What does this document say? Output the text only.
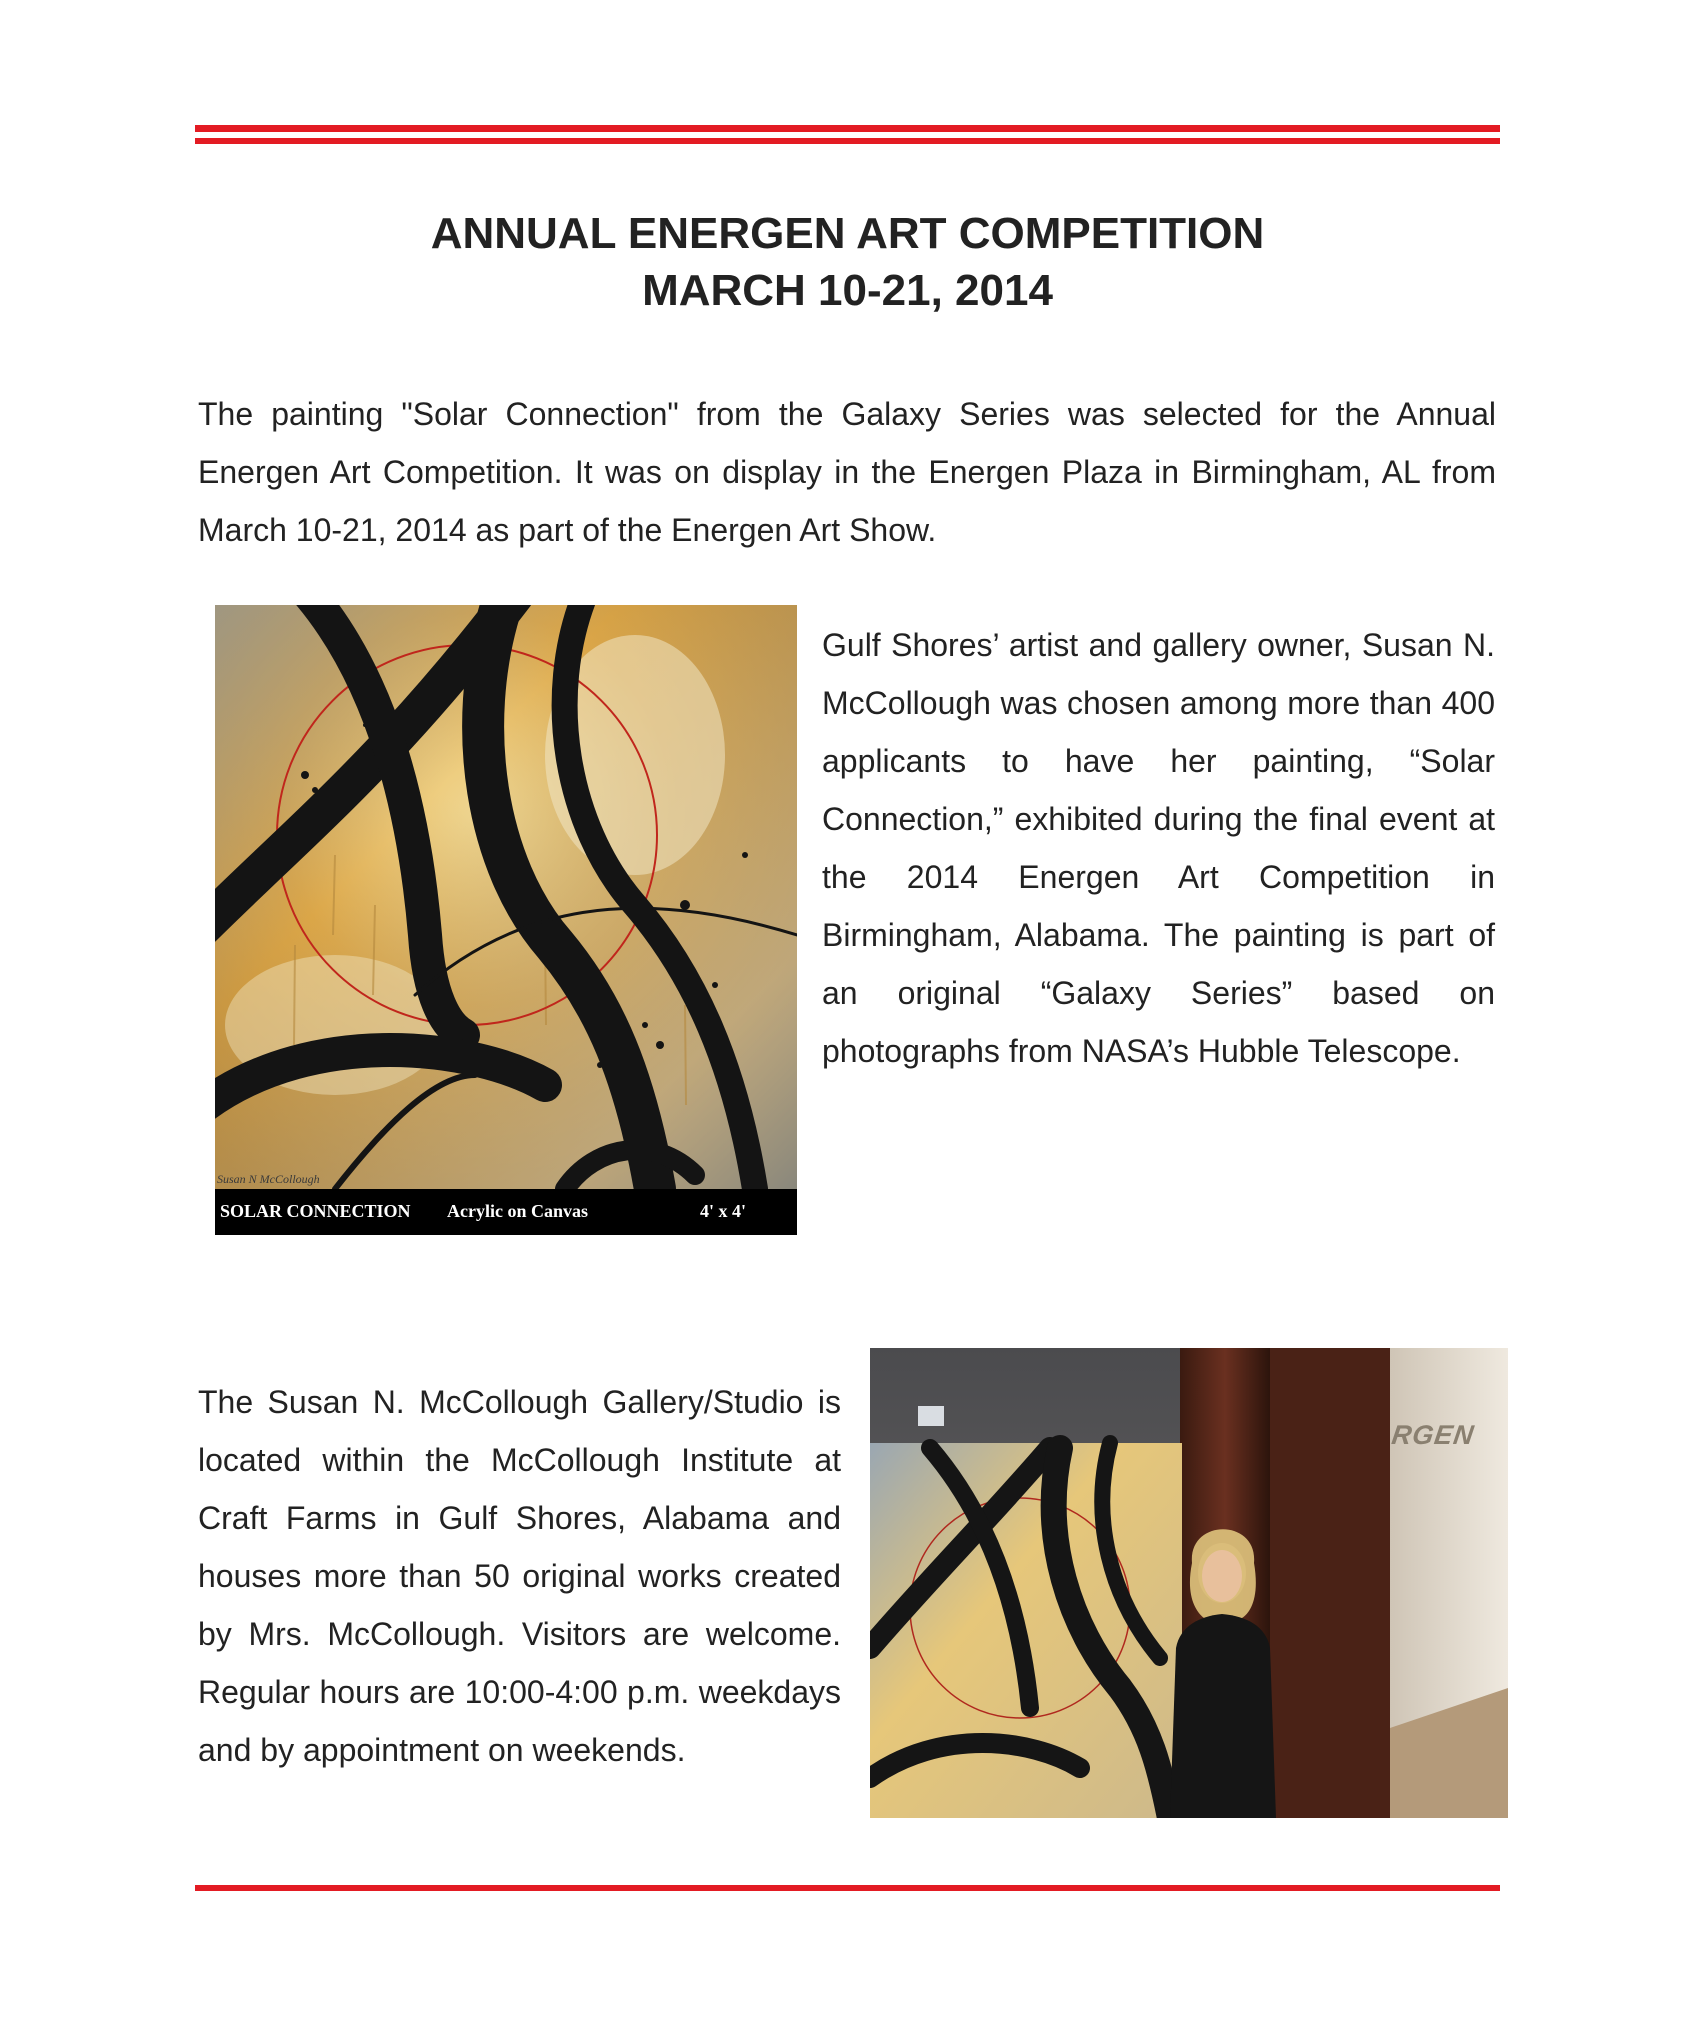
ANNUAL ENERGEN ART COMPETITION
MARCH 10-21, 2014

The painting "Solar Connection" from the Galaxy Series was selected for the Annual Energen Art Competition. It was on display in the Energen Plaza in Birmingham, AL from March 10-21, 2014 as part of the Energen Art Show.

Susan N McCollough
SOLAR CONNECTION Acrylic on Canvas	4' x 4'

Gulf Shores’ artist and gallery owner, Susan N. McCollough was chosen among more than 400 applicants to have her painting, “Solar Connection,” exhibited during the final event at the 2014 Energen Art Competition in Birmingham, Alabama. The painting is part of an original “Galaxy Series” based on photographs from NASA’s Hubble Telescope.

The Susan N. McCollough Gallery/Studio is located within the McCollough Institute at Craft Farms in Gulf Shores, Alabama and houses more than 50 original works created by Mrs. McCollough. Visitors are welcome. Regular hours are 10:00-4:00 p.m. weekdays and by appointment on weekends.

RGEN
